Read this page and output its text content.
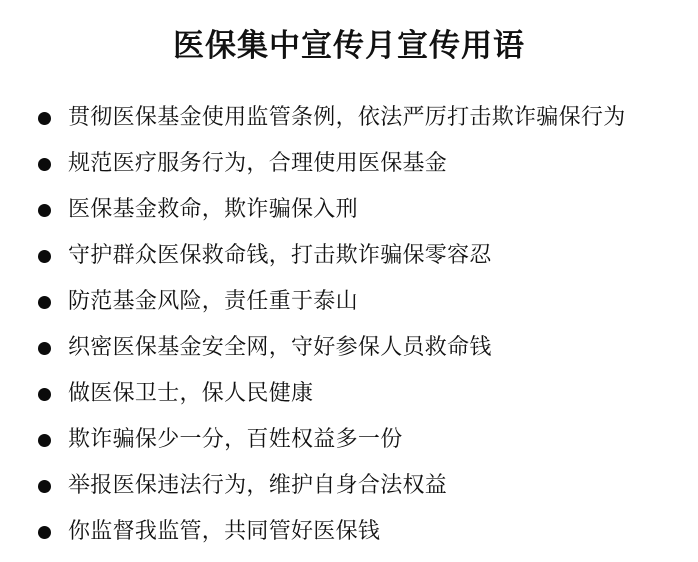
医保集中宣传月宣传用语
贯彻医保基金使用监管条例，依法严厉打击欺诈骗保行为
规范医疗服务行为，合理使用医保基金
医保基金救命，欺诈骗保入刑
守护群众医保救命钱，打击欺诈骗保零容忍
防范基金风险，责任重于泰山
织密医保基金安全网，守好参保人员救命钱
做医保卫士，保人民健康
欺诈骗保少一分，百姓权益多一份
举报医保违法行为，维护自身合法权益
你监督我监管，共同管好医保钱
